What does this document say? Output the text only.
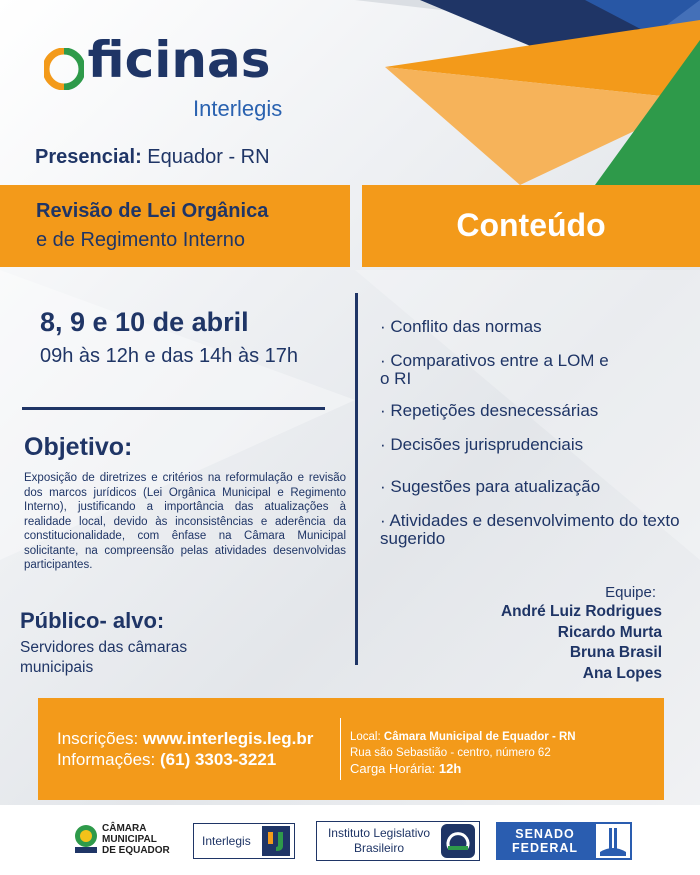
ficinas
Interlegis
Presencial: Equador - RN
Revisão de Lei Orgânica
e de Regimento Interno	Conteúdo
8, 9 e 10 de abril
09h às 12h e das 14h às 17h
Objetivo:
Exposição de diretrizes e critérios na reformulação e revisão dos marcos jurídicos (Lei Orgânica Municipal e Regimento Interno), justificando a importância das atualizações à realidade local, devido às inconsistências e aderência da constitucionalidade, com ênfase na Câmara Municipal solicitante, na compreensão pelas atividades desenvolvidas participantes.
Público- alvo:
Servidores das câmaras municipais
· Conflito das normas
· Comparativos entre a LOM e o RI
· Repetições desnecessárias
· Decisões jurisprudenciais
· Sugestões para atualização
· Atividades e desenvolvimento do texto sugerido
Equipe:
André Luiz Rodrigues
Ricardo Murta
Bruna Brasil
Ana Lopes
Inscrições: www.interlegis.leg.br
Informações: (61) 3303-3221
Local: Câmara Municipal de Equador - RN
Rua são Sebastião - centro, número 62
Carga Horária: 12h
CÂMARA
MUNICIPAL
DE EQUADOR
Interlegis
Instituto Legislativo
Brasileiro
SENADO
FEDERAL
